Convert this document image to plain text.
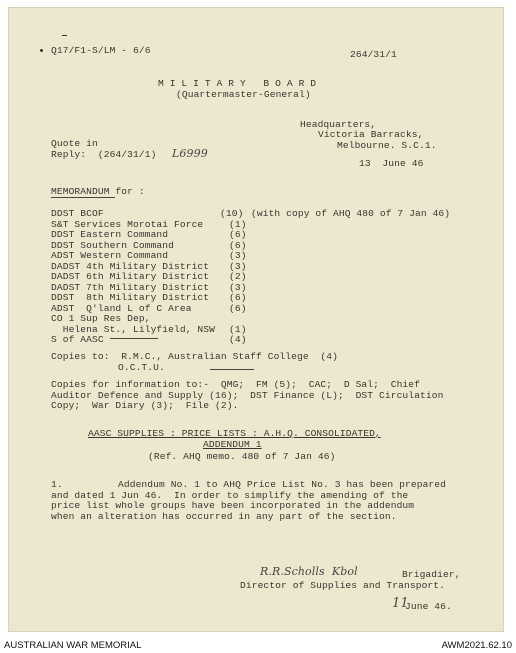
Q17/F1-S/LM - 6/6	264/31/1
M I L I T A R Y   B O A R D
(Quartermaster-General)
Headquarters,
Victoria Barracks,
Melbourne. S.C.1.
13  June 46
Quote in
Reply:  (264/31/1) L6999
MEMORANDUM for :
DDST BCOF	(10) (with copy of AHQ 480 of 7 Jan 46)
S&T Services Morotai Force	(1)
DDST Eastern Command	(6)
DDST Southern Command	(6)
ADST Western Command	(3)
DADST 4th Military District (3)
DADST 6th Military District (2)
DADST 7th Military District (3)
DDST  8th Military District (6)
ADST  Q'land L of C Area	(6)
CO 1 Sup Res Dep,
Helena St., Lilyfield, NSW (1)
S of AASC	(4)
Copies to:  R.M.C., Australian Staff College  (4)
O.C.T.U.
Copies for information to:-  QMG;  FM (5);  CAC;  D Sal;  Chief
Auditor Defence and Supply (16);  DST Finance (L);  DST Circulation
Copy;  War Diary (3);  File (2).
AASC SUPPLIES : PRICE LISTS : A.H.Q. CONSOLIDATED,
ADDENDUM 1
(Ref. AHQ memo. 480 of 7 Jan 46)
1.	Addendum No. 1 to AHQ Price List No. 3 has been prepared
and dated 1 Jun 46.  In order to simplify the amending of the
price list whole groups have been incorporated in the addendum
when an alteration has occurred in any part of the section.
R.R.Scholls  Kbol	Brigadier,
Director of Supplies and Transport.
11
June 46.
AUSTRALIAN WAR MEMORIAL	AWM2021.62.10
